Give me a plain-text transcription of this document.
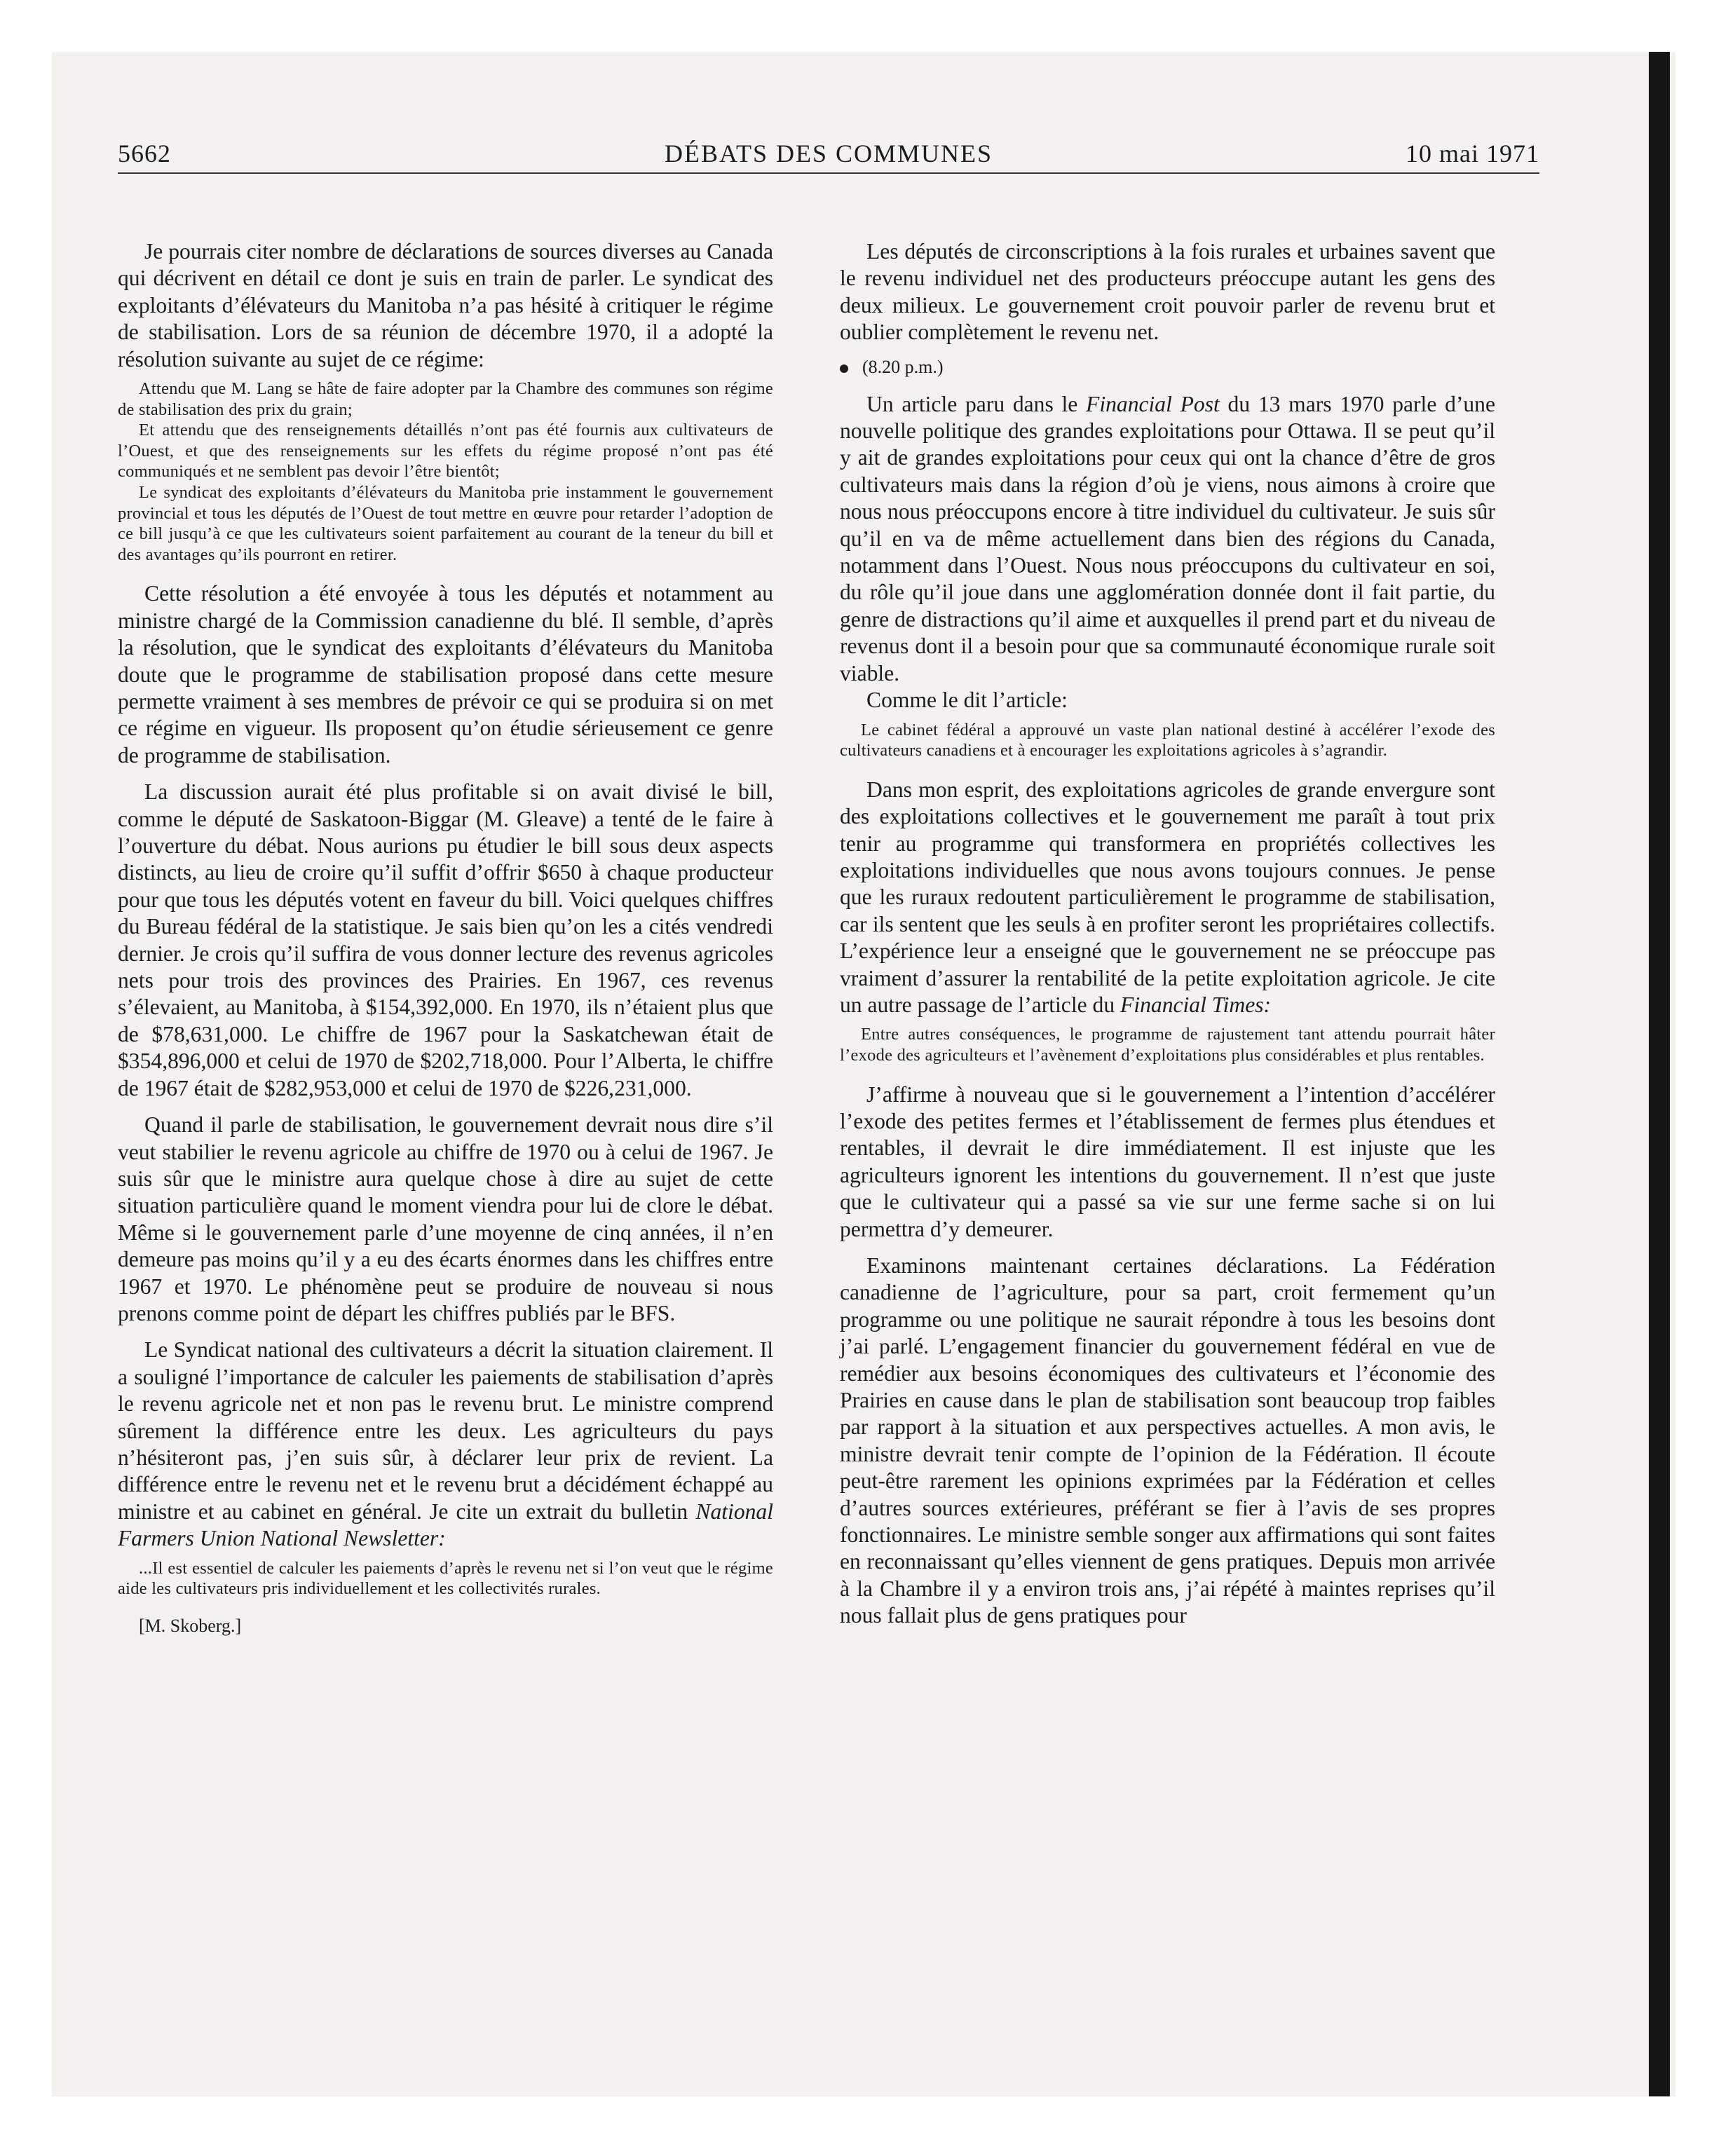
5662	DÉBATS DES COMMUNES	10 mai 1971

Je pourrais citer nombre de déclarations de sources diverses au Canada qui décrivent en détail ce dont je suis en train de parler. Le syndicat des exploitants d’élévateurs du Manitoba n’a pas hésité à critiquer le régime de stabilisation. Lors de sa réunion de décembre 1970, il a adopté la résolution suivante au sujet de ce régime:

Attendu que M. Lang se hâte de faire adopter par la Chambre des communes son régime de stabilisation des prix du grain;

Et attendu que des renseignements détaillés n’ont pas été fournis aux cultivateurs de l’Ouest, et que des renseignements sur les effets du régime proposé n’ont pas été communiqués et ne semblent pas devoir l’être bientôt;

Le syndicat des exploitants d’élévateurs du Manitoba prie instamment le gouvernement provincial et tous les députés de l’Ouest de tout mettre en œuvre pour retarder l’adoption de ce bill jusqu’à ce que les cultivateurs soient parfaitement au courant de la teneur du bill et des avantages qu’ils pourront en retirer.

Cette résolution a été envoyée à tous les députés et notamment au ministre chargé de la Commission canadienne du blé. Il semble, d’après la résolution, que le syndicat des exploitants d’élévateurs du Manitoba doute que le programme de stabilisation proposé dans cette mesure permette vraiment à ses membres de prévoir ce qui se produira si on met ce régime en vigueur. Ils proposent qu’on étudie sérieusement ce genre de programme de stabilisation.

La discussion aurait été plus profitable si on avait divisé le bill, comme le député de Saskatoon-Biggar (M. Gleave) a tenté de le faire à l’ouverture du débat. Nous aurions pu étudier le bill sous deux aspects distincts, au lieu de croire qu’il suffit d’offrir $650 à chaque producteur pour que tous les députés votent en faveur du bill. Voici quelques chiffres du Bureau fédéral de la statistique. Je sais bien qu’on les a cités vendredi dernier. Je crois qu’il suffira de vous donner lecture des revenus agricoles nets pour trois des provinces des Prairies. En 1967, ces revenus s’élevaient, au Manitoba, à $154,392,000. En 1970, ils n’étaient plus que de $78,631,000. Le chiffre de 1967 pour la Saskatchewan était de $354,896,000 et celui de 1970 de $202,718,000. Pour l’Alberta, le chiffre de 1967 était de $282,953,000 et celui de 1970 de $226,231,000.

Quand il parle de stabilisation, le gouvernement devrait nous dire s’il veut stabilier le revenu agricole au chiffre de 1970 ou à celui de 1967. Je suis sûr que le ministre aura quelque chose à dire au sujet de cette situation particulière quand le moment viendra pour lui de clore le débat. Même si le gouvernement parle d’une moyenne de cinq années, il n’en demeure pas moins qu’il y a eu des écarts énormes dans les chiffres entre 1967 et 1970. Le phénomène peut se produire de nouveau si nous prenons comme point de départ les chiffres publiés par le BFS.

Le Syndicat national des cultivateurs a décrit la situation clairement. Il a souligné l’importance de calculer les paiements de stabilisation d’après le revenu agricole net et non pas le revenu brut. Le ministre comprend sûrement la différence entre les deux. Les agriculteurs du pays n’hésiteront pas, j’en suis sûr, à déclarer leur prix de revient. La différence entre le revenu net et le revenu brut a décidément échappé au ministre et au cabinet en général. Je cite un extrait du bulletin National Farmers Union National Newsletter:

...Il est essentiel de calculer les paiements d’après le revenu net si l’on veut que le régime aide les cultivateurs pris individuellement et les collectivités rurales.

[M. Skoberg.]

Les députés de circonscriptions à la fois rurales et urbaines savent que le revenu individuel net des producteurs préoccupe autant les gens des deux milieux. Le gouvernement croit pouvoir parler de revenu brut et oublier complètement le revenu net.

(8.20 p.m.)

Un article paru dans le Financial Post du 13 mars 1970 parle d’une nouvelle politique des grandes exploitations pour Ottawa. Il se peut qu’il y ait de grandes exploitations pour ceux qui ont la chance d’être de gros cultivateurs mais dans la région d’où je viens, nous aimons à croire que nous nous préoccupons encore à titre individuel du cultivateur. Je suis sûr qu’il en va de même actuellement dans bien des régions du Canada, notamment dans l’Ouest. Nous nous préoccupons du cultivateur en soi, du rôle qu’il joue dans une agglomération donnée dont il fait partie, du genre de distractions qu’il aime et auxquelles il prend part et du niveau de revenus dont il a besoin pour que sa communauté économique rurale soit viable.

Comme le dit l’article:

Le cabinet fédéral a approuvé un vaste plan national destiné à accélérer l’exode des cultivateurs canadiens et à encourager les exploitations agricoles à s’agrandir.

Dans mon esprit, des exploitations agricoles de grande envergure sont des exploitations collectives et le gouvernement me paraît à tout prix tenir au programme qui transformera en propriétés collectives les exploitations individuelles que nous avons toujours connues. Je pense que les ruraux redoutent particulièrement le programme de stabilisation, car ils sentent que les seuls à en profiter seront les propriétaires collectifs. L’expérience leur a enseigné que le gouvernement ne se préoccupe pas vraiment d’assurer la rentabilité de la petite exploitation agricole. Je cite un autre passage de l’article du Financial Times:

Entre autres conséquences, le programme de rajustement tant attendu pourrait hâter l’exode des agriculteurs et l’avènement d’exploitations plus considérables et plus rentables.

J’affirme à nouveau que si le gouvernement a l’intention d’accélérer l’exode des petites fermes et l’établissement de fermes plus étendues et rentables, il devrait le dire immédiatement. Il est injuste que les agriculteurs ignorent les intentions du gouvernement. Il n’est que juste que le cultivateur qui a passé sa vie sur une ferme sache si on lui permettra d’y demeurer.

Examinons maintenant certaines déclarations. La Fédération canadienne de l’agriculture, pour sa part, croit fermement qu’un programme ou une politique ne saurait répondre à tous les besoins dont j’ai parlé. L’engagement financier du gouvernement fédéral en vue de remédier aux besoins économiques des cultivateurs et l’économie des Prairies en cause dans le plan de stabilisation sont beaucoup trop faibles par rapport à la situation et aux perspectives actuelles. A mon avis, le ministre devrait tenir compte de l’opinion de la Fédération. Il écoute peut-être rarement les opinions exprimées par la Fédération et celles d’autres sources extérieures, préférant se fier à l’avis de ses propres fonctionnaires. Le ministre semble songer aux affirmations qui sont faites en reconnaissant qu’elles viennent de gens pratiques. Depuis mon arrivée à la Chambre il y a environ trois ans, j’ai répété à maintes reprises qu’il nous fallait plus de gens pratiques pour
